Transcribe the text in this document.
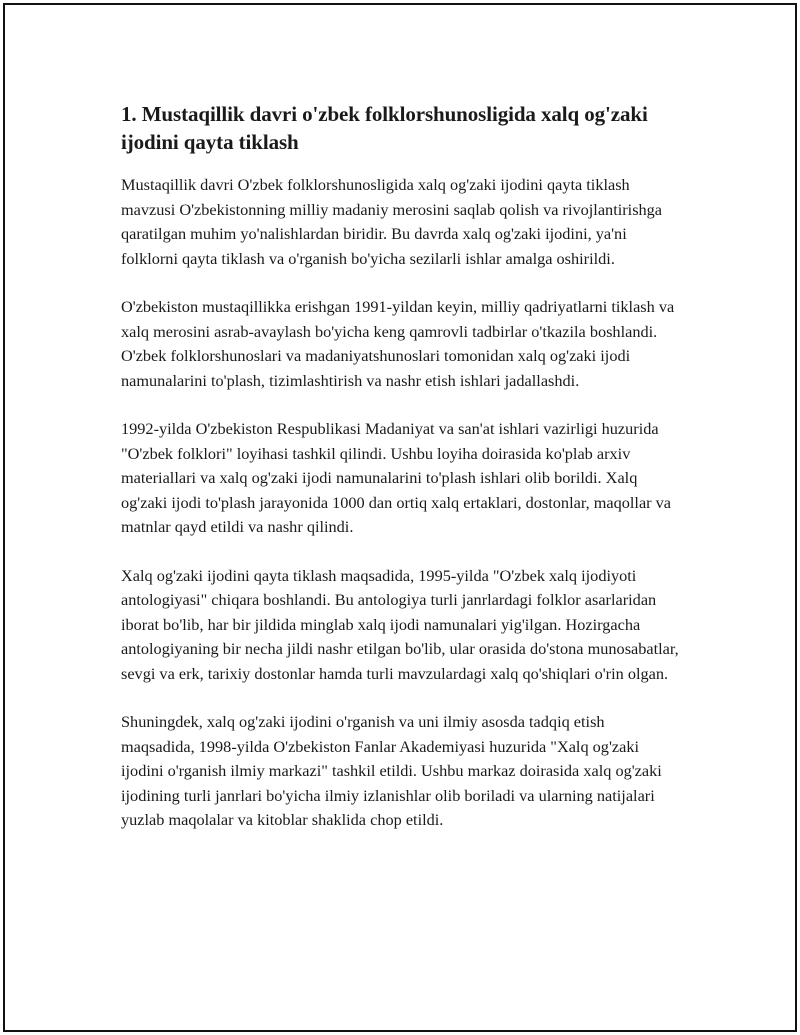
1. Mustaqillik davri o'zbek folklorshunosligida xalq og'zaki ijodini qayta tiklash

Mustaqillik davri O'zbek folklorshunosligida xalq og'zaki ijodini qayta tiklash mavzusi O'zbekistonning milliy madaniy merosini saqlab qolish va rivojlantirishga qaratilgan muhim yo'nalishlardan biridir. Bu davrda xalq og'zaki ijodini, ya'ni folklorni qayta tiklash va o'rganish bo'yicha sezilarli ishlar amalga oshirildi.

O'zbekiston mustaqillikka erishgan 1991-yildan keyin, milliy qadriyatlarni tiklash va xalq merosini asrab-avaylash bo'yicha keng qamrovli tadbirlar o'tkazila boshlandi. O'zbek folklorshunoslari va madaniyatshunoslari tomonidan xalq og'zaki ijodi namunalarini to'plash, tizimlashtirish va nashr etish ishlari jadallashdi.

1992-yilda O'zbekiston Respublikasi Madaniyat va san'at ishlari vazirligi huzurida "O'zbek folklori" loyihasi tashkil qilindi. Ushbu loyiha doirasida ko'plab arxiv materiallari va xalq og'zaki ijodi namunalarini to'plash ishlari olib borildi. Xalq og'zaki ijodi to'plash jarayonida 1000 dan ortiq xalq ertaklari, dostonlar, maqollar va matnlar qayd etildi va nashr qilindi.

Xalq og'zaki ijodini qayta tiklash maqsadida, 1995-yilda "O'zbek xalq ijodiyoti antologiyasi" chiqara boshlandi. Bu antologiya turli janrlardagi folklor asarlaridan iborat bo'lib, har bir jildida minglab xalq ijodi namunalari yig'ilgan. Hozirgacha antologiyaning bir necha jildi nashr etilgan bo'lib, ular orasida do'stona munosabatlar, sevgi va erk, tarixiy dostonlar hamda turli mavzulardagi xalq qo'shiqlari o'rin olgan.

Shuningdek, xalq og'zaki ijodini o'rganish va uni ilmiy asosda tadqiq etish maqsadida, 1998-yilda O'zbekiston Fanlar Akademiyasi huzurida "Xalq og'zaki ijodini o'rganish ilmiy markazi" tashkil etildi. Ushbu markaz doirasida xalq og'zaki ijodining turli janrlari bo'yicha ilmiy izlanishlar olib boriladi va ularning natijalari yuzlab maqolalar va kitoblar shaklida chop etildi.
